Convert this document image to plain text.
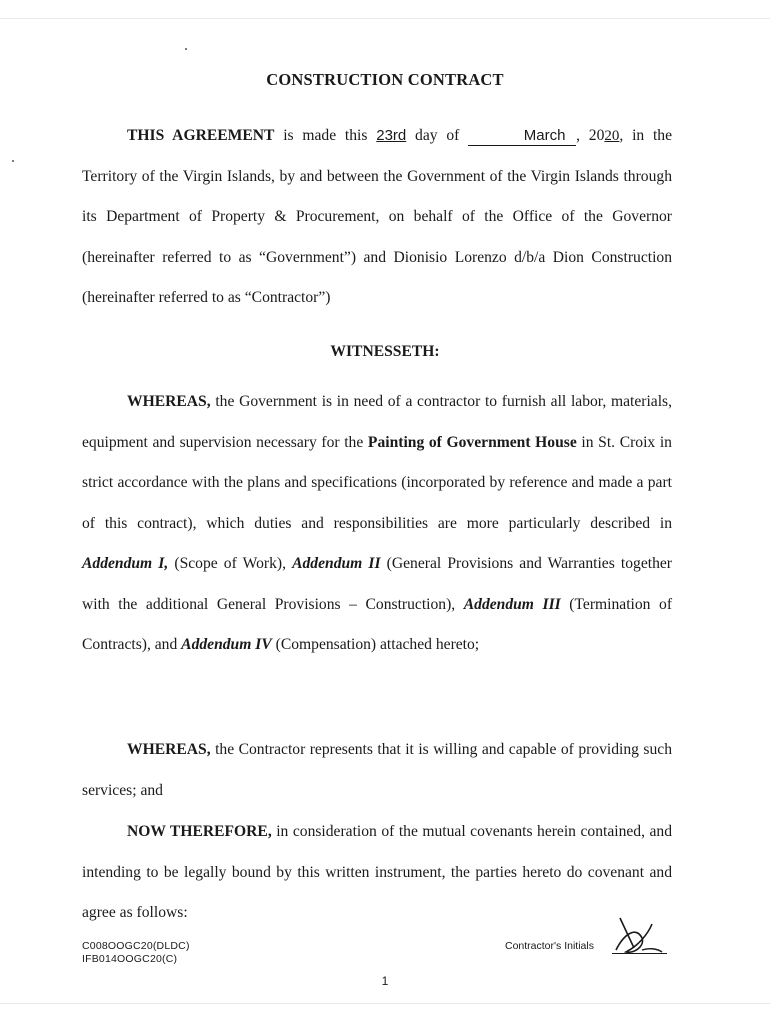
CONSTRUCTION CONTRACT

THIS AGREEMENT is made this 23rd day of	March , 2020, in the Territory of the Virgin Islands, by and between the Government of the Virgin Islands through its Department of Property & Procurement, on behalf of the Office of the Governor (hereinafter referred to as “Government”) and Dionisio Lorenzo d/b/a Dion Construction (hereinafter referred to as “Contractor”)

WITNESSETH:

WHEREAS, the Government is in need of a contractor to furnish all labor, materials, equipment and supervision necessary for the Painting of Government House in St. Croix in strict accordance with the plans and specifications (incorporated by reference and made a part of this contract), which duties and responsibilities are more particularly described in Addendum I, (Scope of Work), Addendum II (General Provisions and Warranties together with the additional General Provisions – Construction), Addendum III (Termination of Contracts), and Addendum IV (Compensation) attached hereto;

WHEREAS, the Contractor represents that it is willing and capable of providing such services; and

NOW THEREFORE, in consideration of the mutual covenants herein contained, and intending to be legally bound by this written instrument, the parties hereto do covenant and agree as follows:

C008OOGC20(DLDC)
IFB014OOGC20(C)
Contractor's Initials
1
